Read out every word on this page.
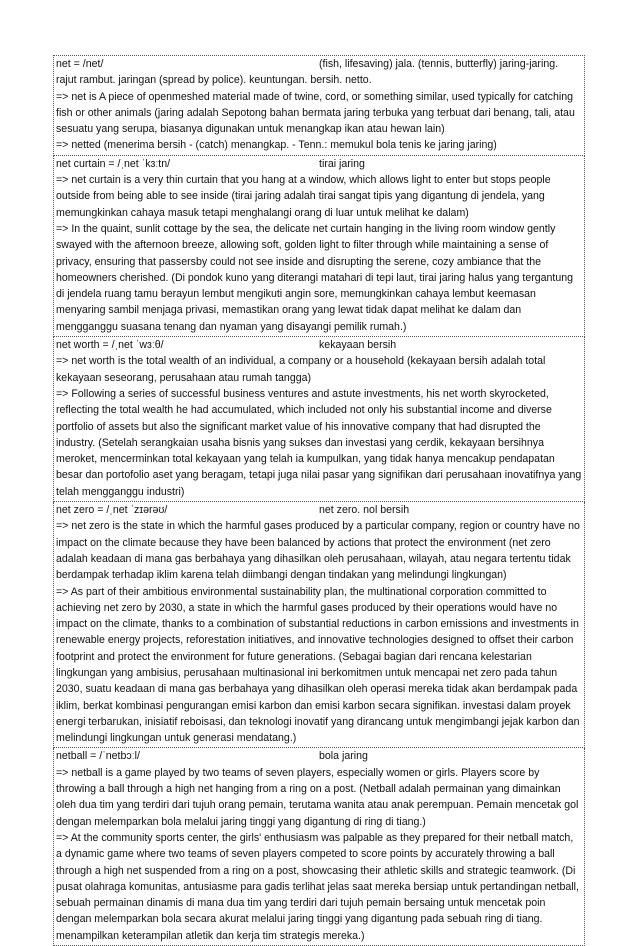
net = /net/	(fish, lifesaving) jala. (tennis, butterfly) jaring-jaring.

rajut rambut. jaringan (spread by police). keuntungan. bersih. netto.

=> net is A piece of openmeshed material made of twine, cord, or something similar, used typically for catching fish or other animals (jaring adalah Sepotong bahan bermata jaring terbuka yang terbuat dari benang, tali, atau sesuatu yang serupa, biasanya digunakan untuk menangkap ikan atau hewan lain)

=> netted (menerima bersih - (catch) menangkap. - Tenn.: memukul bola tenis ke jaring jaring)

net curtain = /ˌnet ˈkɜːtn/	tirai jaring

=> net curtain is a very thin curtain that you hang at a window, which allows light to enter but stops people outside from being able to see inside (tirai jaring adalah tirai sangat tipis yang digantung di jendela, yang memungkinkan cahaya masuk tetapi menghalangi orang di luar untuk melihat ke dalam)

=> In the quaint, sunlit cottage by the sea, the delicate net curtain hanging in the living room window gently swayed with the afternoon breeze, allowing soft, golden light to filter through while maintaining a sense of privacy, ensuring that passersby could not see inside and disrupting the serene, cozy ambiance that the homeowners cherished. (Di pondok kuno yang diterangi matahari di tepi laut, tirai jaring halus yang tergantung di jendela ruang tamu berayun lembut mengikuti angin sore, memungkinkan cahaya lembut keemasan menyaring sambil menjaga privasi, memastikan orang yang lewat tidak dapat melihat ke dalam dan mengganggu suasana tenang dan nyaman yang disayangi pemilik rumah.)

net worth = /ˌnet ˈwɜːθ/	kekayaan bersih

=> net worth is the total wealth of an individual, a company or a household (kekayaan bersih adalah total kekayaan seseorang, perusahaan atau rumah tangga)

=> Following a series of successful business ventures and astute investments, his net worth skyrocketed, reflecting the total wealth he had accumulated, which included not only his substantial income and diverse portfolio of assets but also the significant market value of his innovative company that had disrupted the industry. (Setelah serangkaian usaha bisnis yang sukses dan investasi yang cerdik, kekayaan bersihnya meroket, mencerminkan total kekayaan yang telah ia kumpulkan, yang tidak hanya mencakup pendapatan besar dan portofolio aset yang beragam, tetapi juga nilai pasar yang signifikan dari perusahaan inovatifnya yang telah mengganggu industri)

net zero = /ˌnet ˈzɪərəʊ/	net zero. nol bersih

=> net zero is the state in which the harmful gases produced by a particular company, region or country have no impact on the climate because they have been balanced by actions that protect the environment (net zero adalah keadaan di mana gas berbahaya yang dihasilkan oleh perusahaan, wilayah, atau negara tertentu tidak berdampak terhadap iklim karena telah diimbangi dengan tindakan yang melindungi lingkungan)

=> As part of their ambitious environmental sustainability plan, the multinational corporation committed to achieving net zero by 2030, a state in which the harmful gases produced by their operations would have no impact on the climate, thanks to a combination of substantial reductions in carbon emissions and investments in renewable energy projects, reforestation initiatives, and innovative technologies designed to offset their carbon footprint and protect the environment for future generations. (Sebagai bagian dari rencana kelestarian lingkungan yang ambisius, perusahaan multinasional ini berkomitmen untuk mencapai net zero pada tahun 2030, suatu keadaan di mana gas berbahaya yang dihasilkan oleh operasi mereka tidak akan berdampak pada iklim, berkat kombinasi pengurangan emisi karbon dan emisi karbon secara signifikan. investasi dalam proyek energi terbarukan, inisiatif reboisasi, dan teknologi inovatif yang dirancang untuk mengimbangi jejak karbon dan melindungi lingkungan untuk generasi mendatang.)

netball = /ˈnetbɔːl/	bola jaring

=> netball is a game played by two teams of seven players, especially women or girls. Players score by throwing a ball through a high net hanging from a ring on a post. (Netball adalah permainan yang dimainkan oleh dua tim yang terdiri dari tujuh orang pemain, terutama wanita atau anak perempuan. Pemain mencetak gol dengan melemparkan bola melalui jaring tinggi yang digantung di ring di tiang.)

=> At the community sports center, the girls' enthusiasm was palpable as they prepared for their netball match, a dynamic game where two teams of seven players competed to score points by accurately throwing a ball through a high net suspended from a ring on a post, showcasing their athletic skills and strategic teamwork. (Di pusat olahraga komunitas, antusiasme para gadis terlihat jelas saat mereka bersiap untuk pertandingan netball, sebuah permainan dinamis di mana dua tim yang terdiri dari tujuh pemain bersaing untuk mencetak poin dengan melemparkan bola secara akurat melalui jaring tinggi yang digantung pada sebuah ring di tiang. menampilkan keterampilan atletik dan kerja tim strategis mereka.)
